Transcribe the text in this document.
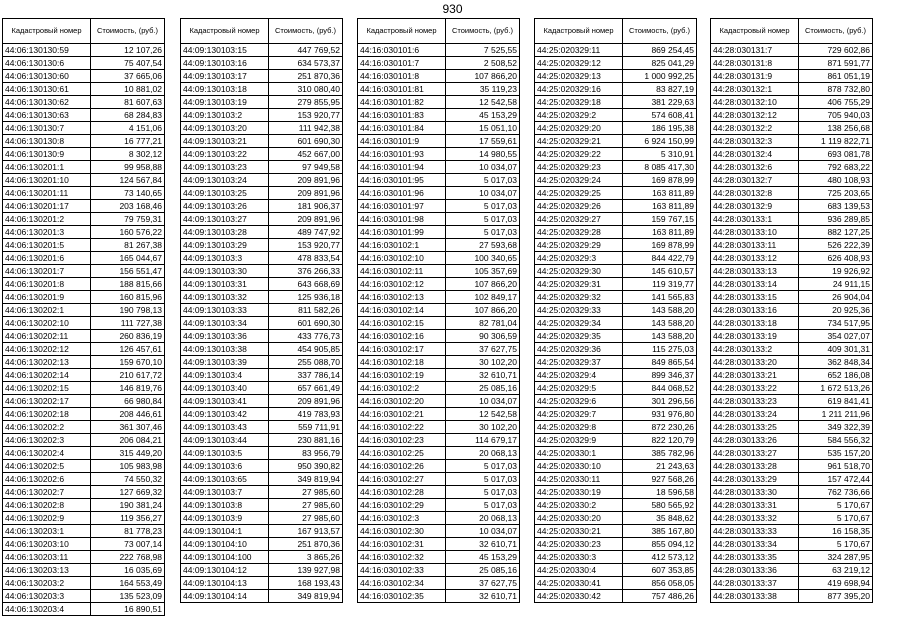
930
Кадастровый номер	Стоимость, (руб.)
44:06:130130:59	12 107,26
44:06:130130:6	75 407,54
44:06:130130:60	37 665,06
44:06:130130:61	10 881,02
44:06:130130:62	81 607,63
44:06:130130:63	68 284,83
44:06:130130:7	4 151,06
44:06:130130:8	16 777,21
44:06:130130:9	8 302,12
44:06:130201:1	99 958,88
44:06:130201:10	124 567,84
44:06:130201:11	73 140,65
44:06:130201:17	203 168,46
44:06:130201:2	79 759,31
44:06:130201:3	160 576,22
44:06:130201:5	81 267,38
44:06:130201:6	165 044,67
44:06:130201:7	156 551,47
44:06:130201:8	188 815,66
44:06:130201:9	160 815,96
44:06:130202:1	190 798,13
44:06:130202:10	111 727,38
44:06:130202:11	260 836,19
44:06:130202:12	126 457,61
44:06:130202:13	159 670,10
44:06:130202:14	210 617,72
44:06:130202:15	146 819,76
44:06:130202:17	66 980,84
44:06:130202:18	208 446,61
44:06:130202:2	361 307,46
44:06:130202:3	206 084,21
44:06:130202:4	315 449,20
44:06:130202:5	105 983,98
44:06:130202:6	74 550,32
44:06:130202:7	127 669,32
44:06:130202:8	190 381,24
44:06:130202:9	119 356,27
44:06:130203:1	81 778,23
44:06:130203:10	73 007,14
44:06:130203:11	222 768,98
44:06:130203:13	16 035,69
44:06:130203:2	164 553,49
44:06:130203:3	135 523,09
44:06:130203:4	16 890,51
Кадастровый номер	Стоимость, (руб.)
44:09:130103:15	447 769,52
44:09:130103:16	634 573,37
44:09:130103:17	251 870,36
44:09:130103:18	310 080,40
44:09:130103:19	279 855,95
44:09:130103:2	153 920,77
44:09:130103:20	111 942,38
44:09:130103:21	601 690,30
44:09:130103:22	452 667,00
44:09:130103:23	97 949,58
44:09:130103:24	209 891,96
44:09:130103:25	209 891,96
44:09:130103:26	181 906,37
44:09:130103:27	209 891,96
44:09:130103:28	489 747,92
44:09:130103:29	153 920,77
44:09:130103:3	478 833,54
44:09:130103:30	376 266,33
44:09:130103:31	643 668,69
44:09:130103:32	125 936,18
44:09:130103:33	811 582,26
44:09:130103:34	601 690,30
44:09:130103:36	433 776,73
44:09:130103:38	454 905,85
44:09:130103:39	255 088,70
44:09:130103:4	337 786,14
44:09:130103:40	657 661,49
44:09:130103:41	209 891,96
44:09:130103:42	419 783,93
44:09:130103:43	559 711,91
44:09:130103:44	230 881,16
44:09:130103:5	83 956,79
44:09:130103:6	950 390,82
44:09:130103:65	349 819,94
44:09:130103:7	27 985,60
44:09:130103:8	27 985,60
44:09:130103:9	27 985,60
44:09:130104:1	167 913,57
44:09:130104:10	251 870,36
44:09:130104:100	3 865,26
44:09:130104:12	139 927,98
44:09:130104:13	168 193,43
44:09:130104:14	349 819,94
Кадастровый номер	Стоимость, (руб.)
44:16:030101:6	7 525,55
44:16:030101:7	2 508,52
44:16:030101:8	107 866,20
44:16:030101:81	35 119,23
44:16:030101:82	12 542,58
44:16:030101:83	45 153,29
44:16:030101:84	15 051,10
44:16:030101:9	17 559,61
44:16:030101:93	14 980,55
44:16:030101:94	10 034,07
44:16:030101:95	5 017,03
44:16:030101:96	10 034,07
44:16:030101:97	5 017,03
44:16:030101:98	5 017,03
44:16:030101:99	5 017,03
44:16:030102:1	27 593,68
44:16:030102:10	100 340,65
44:16:030102:11	105 357,69
44:16:030102:12	107 866,20
44:16:030102:13	102 849,17
44:16:030102:14	107 866,20
44:16:030102:15	82 781,04
44:16:030102:16	90 306,59
44:16:030102:17	37 627,75
44:16:030102:18	30 102,20
44:16:030102:19	32 610,71
44:16:030102:2	25 085,16
44:16:030102:20	10 034,07
44:16:030102:21	12 542,58
44:16:030102:22	30 102,20
44:16:030102:23	114 679,17
44:16:030102:25	20 068,13
44:16:030102:26	5 017,03
44:16:030102:27	5 017,03
44:16:030102:28	5 017,03
44:16:030102:29	5 017,03
44:16:030102:3	20 068,13
44:16:030102:30	10 034,07
44:16:030102:31	32 610,71
44:16:030102:32	45 153,29
44:16:030102:33	25 085,16
44:16:030102:34	37 627,75
44:16:030102:35	32 610,71
Кадастровый номер	Стоимость, (руб.)
44:25:020329:11	869 254,45
44:25:020329:12	825 041,29
44:25:020329:13	1 000 992,25
44:25:020329:16	83 827,19
44:25:020329:18	381 229,63
44:25:020329:2	574 608,41
44:25:020329:20	186 195,38
44:25:020329:21	6 924 150,99
44:25:020329:22	5 310,91
44:25:020329:23	8 085 417,30
44:25:020329:24	169 878,99
44:25:020329:25	163 811,89
44:25:020329:26	163 811,89
44:25:020329:27	159 767,15
44:25:020329:28	163 811,89
44:25:020329:29	169 878,99
44:25:020329:3	844 422,79
44:25:020329:30	145 610,57
44:25:020329:31	119 319,77
44:25:020329:32	141 565,83
44:25:020329:33	143 588,20
44:25:020329:34	143 588,20
44:25:020329:35	143 588,20
44:25:020329:36	115 275,03
44:25:020329:37	849 865,54
44:25:020329:4	899 346,37
44:25:020329:5	844 068,52
44:25:020329:6	301 296,56
44:25:020329:7	931 976,80
44:25:020329:8	872 230,26
44:25:020329:9	822 120,79
44:25:020330:1	385 782,96
44:25:020330:10	21 243,63
44:25:020330:11	927 568,26
44:25:020330:19	18 596,58
44:25:020330:2	580 565,92
44:25:020330:20	35 848,62
44:25:020330:21	385 167,80
44:25:020330:23	855 094,12
44:25:020330:3	412 573,12
44:25:020330:4	607 353,85
44:25:020330:41	856 058,05
44:25:020330:42	757 486,26
Кадастровый номер	Стоимость, (руб.)
44:28:030131:7	729 602,86
44:28:030131:8	871 591,77
44:28:030131:9	861 051,19
44:28:030132:1	878 732,80
44:28:030132:10	406 755,29
44:28:030132:12	705 940,03
44:28:030132:2	138 256,68
44:28:030132:3	1 119 822,71
44:28:030132:4	693 081,78
44:28:030132:6	792 683,22
44:28:030132:7	480 108,93
44:28:030132:8	725 203,65
44:28:030132:9	683 139,53
44:28:030133:1	936 289,85
44:28:030133:10	882 127,25
44:28:030133:11	526 222,39
44:28:030133:12	626 408,93
44:28:030133:13	19 926,92
44:28:030133:14	24 911,15
44:28:030133:15	26 904,04
44:28:030133:16	20 925,36
44:28:030133:18	734 517,95
44:28:030133:19	354 027,07
44:28:030133:2	409 301,31
44:28:030133:20	362 848,34
44:28:030133:21	652 186,08
44:28:030133:22	1 672 513,26
44:28:030133:23	619 841,41
44:28:030133:24	1 211 211,96
44:28:030133:25	349 322,39
44:28:030133:26	584 556,32
44:28:030133:27	535 157,20
44:28:030133:28	961 518,70
44:28:030133:29	157 472,44
44:28:030133:30	762 736,66
44:28:030133:31	5 170,67
44:28:030133:32	5 170,67
44:28:030133:33	16 158,35
44:28:030133:34	5 170,67
44:28:030133:35	324 287,95
44:28:030133:36	63 219,12
44:28:030133:37	419 698,94
44:28:030133:38	877 395,20
